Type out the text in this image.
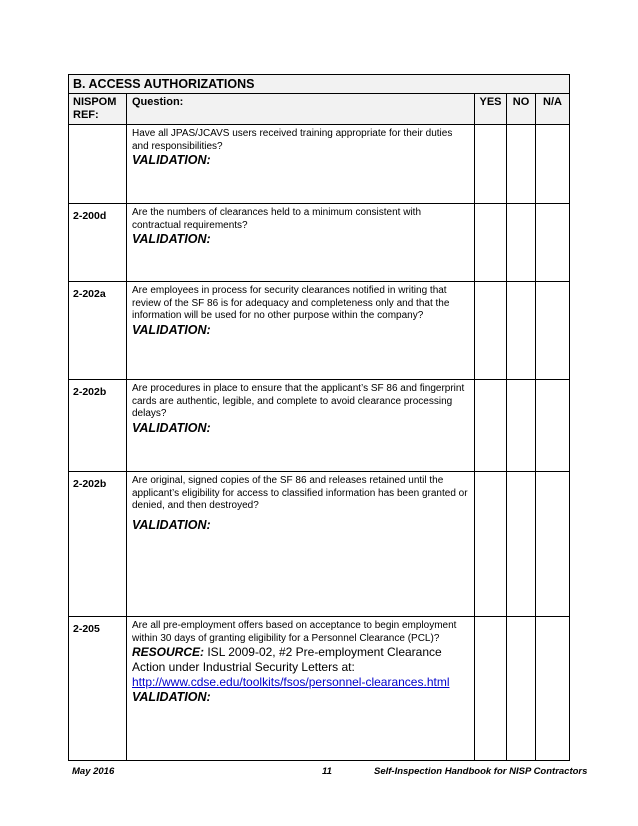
B. ACCESS AUTHORIZATIONS				
NISPOM REF:	Question:	YES	NO	N/A
	Have all JPAS/JCAVS users received training appropriate for their duties and responsibilities?
VALIDATION:			

2-200d	Are the numbers of clearances held to a minimum consistent with contractual requirements?
VALIDATION:			

2-202a	Are employees in process for security clearances notified in writing that review of the SF 86 is for adequacy and completeness only and that the information will be used for no other purpose within the company?
VALIDATION:			

2-202b	Are procedures in place to ensure that the applicant’s SF 86 and fingerprint cards are authentic, legible, and complete to avoid clearance processing delays?
VALIDATION:			

2-202b	Are original, signed copies of the SF 86 and releases retained until the applicant’s eligibility for access to classified information has been granted or denied, and then destroyed?
VALIDATION:			

2-205	Are all pre-employment offers based on acceptance to begin employment within 30 days of granting eligibility for a Personnel Clearance (PCL)?
RESOURCE: ISL 2009-02, #2 Pre-employment Clearance Action under Industrial Security Letters at:
http://www.cdse.edu/toolkits/fsos/personnel-clearances.html
VALIDATION:			

May 2016	11	Self-Inspection Handbook for NISP Contractors
